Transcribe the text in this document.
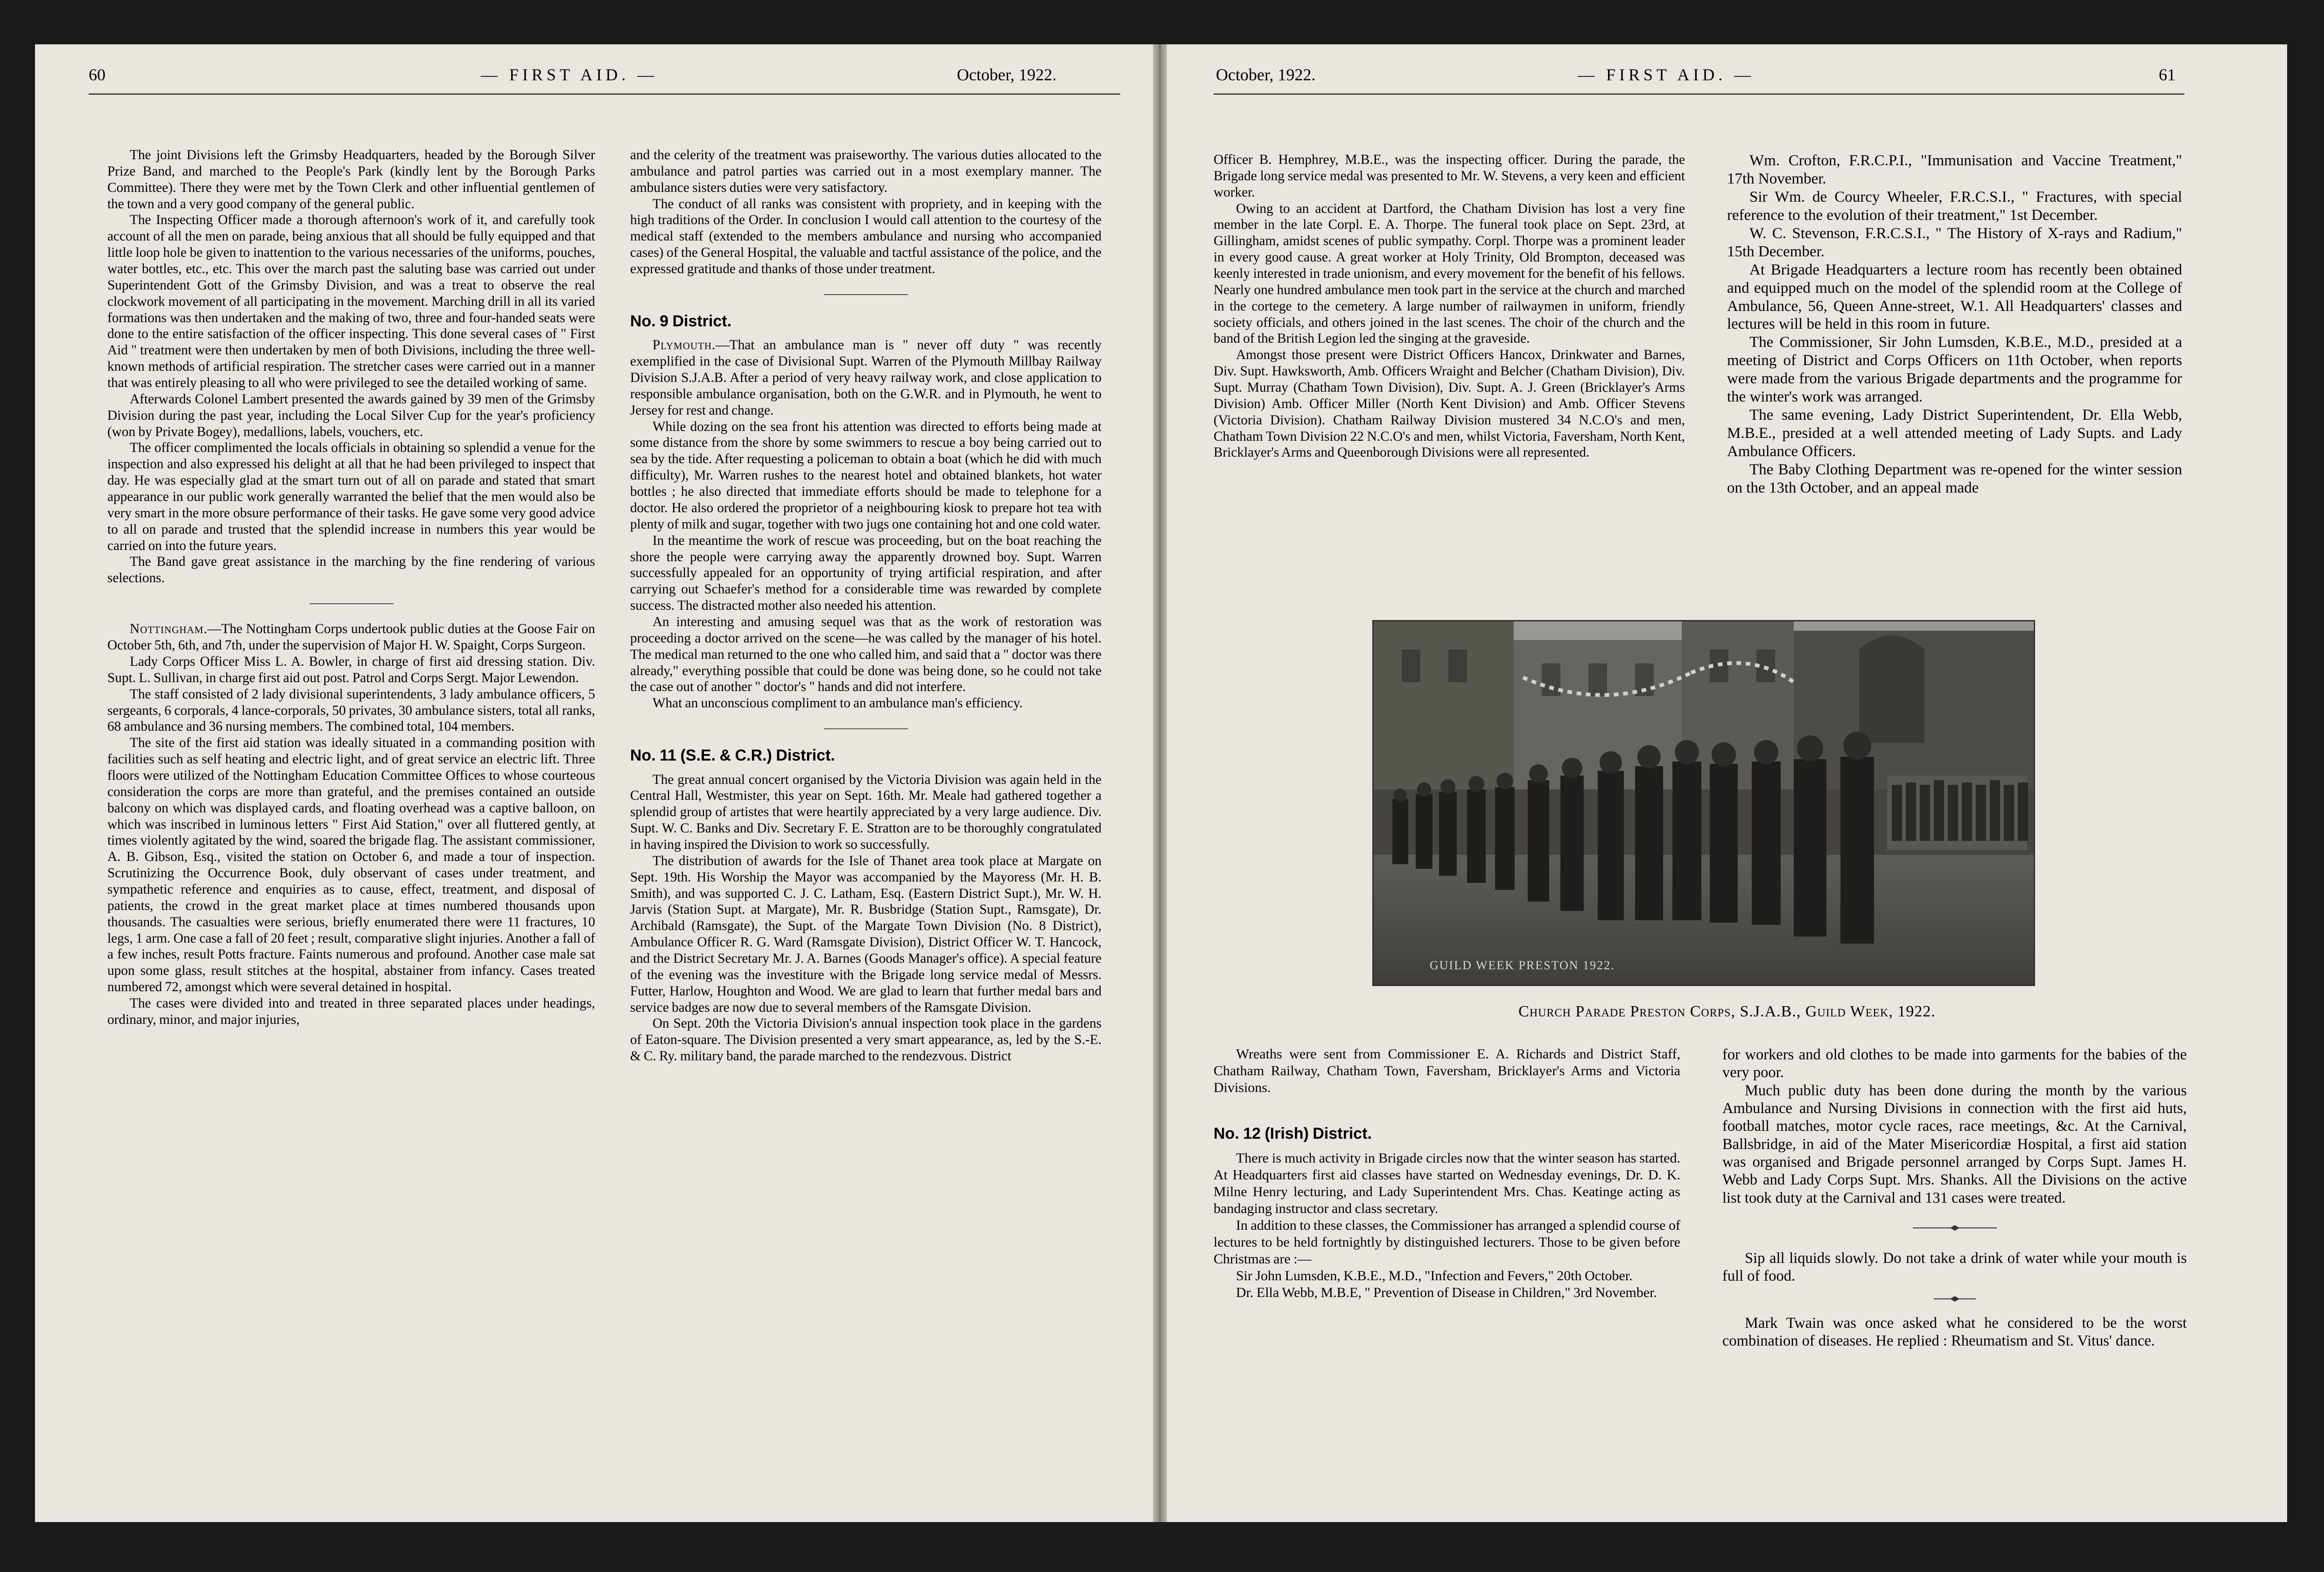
60	— FIRST AID. —	October, 1922.	October, 1922.	— FIRST AID. —	61

The joint Divisions left the Grimsby Headquarters, headed by the Borough Silver Prize Band, and marched to the People's Park (kindly lent by the Borough Parks Committee). There they were met by the Town Clerk and other influential gentlemen of the town and a very good company of the general public.

The Inspecting Officer made a thorough afternoon's work of it, and carefully took account of all the men on parade, being anxious that all should be fully equipped and that little loop hole be given to inattention to the various necessaries of the uniforms, pouches, water bottles, etc., etc. This over the march past the saluting base was carried out under Superintendent Gott of the Grimsby Division, and was a treat to observe the real clockwork movement of all participating in the movement. Marching drill in all its varied formations was then undertaken and the making of two, three and four-handed seats were done to the entire satisfaction of the officer inspecting. This done several cases of " First Aid " treatment were then undertaken by men of both Divisions, including the three well-known methods of artificial respiration. The stretcher cases were carried out in a manner that was entirely pleasing to all who were privileged to see the detailed working of same.

Afterwards Colonel Lambert presented the awards gained by 39 men of the Grimsby Division during the past year, including the Local Silver Cup for the year's proficiency (won by Private Bogey), medallions, labels, vouchers, etc.

The officer complimented the locals officials in obtaining so splendid a venue for the inspection and also expressed his delight at all that he had been privileged to inspect that day. He was especially glad at the smart turn out of all on parade and stated that smart appearance in our public work generally warranted the belief that the men would also be very smart in the more obsure performance of their tasks. He gave some very good advice to all on parade and trusted that the splendid increase in numbers this year would be carried on into the future years.

The Band gave great assistance in the marching by the fine rendering of various selections.

Nottingham.—The Nottingham Corps undertook public duties at the Goose Fair on October 5th, 6th, and 7th, under the supervision of Major H. W. Spaight, Corps Surgeon.

Lady Corps Officer Miss L. A. Bowler, in charge of first aid dressing station. Div. Supt. L. Sullivan, in charge first aid out post. Patrol and Corps Sergt. Major Lewendon.

The staff consisted of 2 lady divisional superintendents, 3 lady ambulance officers, 5 sergeants, 6 corporals, 4 lance-corporals, 50 privates, 30 ambulance sisters, total all ranks, 68 ambulance and 36 nursing members. The combined total, 104 members.

The site of the first aid station was ideally situated in a commanding position with facilities such as self heating and electric light, and of great service an electric lift. Three floors were utilized of the Nottingham Education Committee Offices to whose courteous consideration the corps are more than grateful, and the premises contained an outside balcony on which was displayed cards, and floating overhead was a captive balloon, on which was inscribed in luminous letters " First Aid Station," over all fluttered gently, at times violently agitated by the wind, soared the brigade flag. The assistant commissioner, A. B. Gibson, Esq., visited the station on October 6, and made a tour of inspection. Scrutinizing the Occurrence Book, duly observant of cases under treatment, and sympathetic reference and enquiries as to cause, effect, treatment, and disposal of patients, the crowd in the great market place at times numbered thousands upon thousands. The casualties were serious, briefly enumerated there were 11 fractures, 10 legs, 1 arm. One case a fall of 20 feet ; result, comparative slight injuries. Another a fall of a few inches, result Potts fracture. Faints numerous and profound. Another case male sat upon some glass, result stitches at the hospital, abstainer from infancy. Cases treated numbered 72, amongst which were several detained in hospital.

The cases were divided into and treated in three separated places under headings, ordinary, minor, and major injuries,

and the celerity of the treatment was praiseworthy. The various duties allocated to the ambulance and patrol parties was carried out in a most exemplary manner. The ambulance sisters duties were very satisfactory.

The conduct of all ranks was consistent with propriety, and in keeping with the high traditions of the Order. In conclusion I would call attention to the courtesy of the medical staff (extended to the members ambulance and nursing who accompanied cases) of the General Hospital, the valuable and tactful assistance of the police, and the expressed gratitude and thanks of those under treatment.

No. 9 District.

Plymouth.—That an ambulance man is " never off duty " was recently exemplified in the case of Divisional Supt. Warren of the Plymouth Millbay Railway Division S.J.A.B. After a period of very heavy railway work, and close application to responsible ambulance organisation, both on the G.W.R. and in Plymouth, he went to Jersey for rest and change.

While dozing on the sea front his attention was directed to efforts being made at some distance from the shore by some swimmers to rescue a boy being carried out to sea by the tide. After requesting a policeman to obtain a boat (which he did with much difficulty), Mr. Warren rushes to the nearest hotel and obtained blankets, hot water bottles ; he also directed that immediate efforts should be made to telephone for a doctor. He also ordered the proprietor of a neighbouring kiosk to prepare hot tea with plenty of milk and sugar, together with two jugs one containing hot and one cold water.

In the meantime the work of rescue was proceeding, but on the boat reaching the shore the people were carrying away the apparently drowned boy. Supt. Warren successfully appealed for an opportunity of trying artificial respiration, and after carrying out Schaefer's method for a considerable time was rewarded by complete success. The distracted mother also needed his attention.

An interesting and amusing sequel was that as the work of restoration was proceeding a doctor arrived on the scene—he was called by the manager of his hotel. The medical man returned to the one who called him, and said that a " doctor was there already," everything possible that could be done was being done, so he could not take the case out of another " doctor's " hands and did not interfere.

What an unconscious compliment to an ambulance man's efficiency.

No. 11 (S.E. & C.R.) District.

The great annual concert organised by the Victoria Division was again held in the Central Hall, Westmister, this year on Sept. 16th. Mr. Meale had gathered together a splendid group of artistes that were heartily appreciated by a very large audience. Div. Supt. W. C. Banks and Div. Secretary F. E. Stratton are to be thoroughly congratulated in having inspired the Division to work so successfully.

The distribution of awards for the Isle of Thanet area took place at Margate on Sept. 19th. His Worship the Mayor was accompanied by the Mayoress (Mr. H. B. Smith), and was supported C. J. C. Latham, Esq. (Eastern District Supt.), Mr. W. H. Jarvis (Station Supt. at Margate), Mr. R. Busbridge (Station Supt., Ramsgate), Dr. Archibald (Ramsgate), the Supt. of the Margate Town Division (No. 8 District), Ambulance Officer R. G. Ward (Ramsgate Division), District Officer W. T. Hancock, and the District Secretary Mr. J. A. Barnes (Goods Manager's office). A special feature of the evening was the investiture with the Brigade long service medal of Messrs. Futter, Harlow, Houghton and Wood. We are glad to learn that further medal bars and service badges are now due to several members of the Ramsgate Division.

On Sept. 20th the Victoria Division's annual inspection took place in the gardens of Eaton-square. The Division presented a very smart appearance, as, led by the S.-E. & C. Ry. military band, the parade marched to the rendezvous. District

Officer B. Hemphrey, M.B.E., was the inspecting officer. During the parade, the Brigade long service medal was presented to Mr. W. Stevens, a very keen and efficient worker.

Owing to an accident at Dartford, the Chatham Division has lost a very fine member in the late Corpl. E. A. Thorpe. The funeral took place on Sept. 23rd, at Gillingham, amidst scenes of public sympathy. Corpl. Thorpe was a prominent leader in every good cause. A great worker at Holy Trinity, Old Brompton, deceased was keenly interested in trade unionism, and every movement for the benefit of his fellows. Nearly one hundred ambulance men took part in the service at the church and marched in the cortege to the cemetery. A large number of railwaymen in uniform, friendly society officials, and others joined in the last scenes. The choir of the church and the band of the British Legion led the singing at the graveside.

Amongst those present were District Officers Hancox, Drinkwater and Barnes, Div. Supt. Hawksworth, Amb. Officers Wraight and Belcher (Chatham Division), Div. Supt. Murray (Chatham Town Division), Div. Supt. A. J. Green (Bricklayer's Arms Division) Amb. Officer Miller (North Kent Division) and Amb. Officer Stevens (Victoria Division). Chatham Railway Division mustered 34 N.C.O's and men, Chatham Town Division 22 N.C.O's and men, whilst Victoria, Faversham, North Kent, Bricklayer's Arms and Queenborough Divisions were all represented.

Wm. Crofton, F.R.C.P.I., "Immunisation and Vaccine Treatment," 17th November.

Sir Wm. de Courcy Wheeler, F.R.C.S.I., " Fractures, with special reference to the evolution of their treatment," 1st December.

W. C. Stevenson, F.R.C.S.I., " The History of X-rays and Radium," 15th December.

At Brigade Headquarters a lecture room has recently been obtained and equipped much on the model of the splendid room at the College of Ambulance, 56, Queen Anne-street, W.1. All Headquarters' classes and lectures will be held in this room in future.

The Commissioner, Sir John Lumsden, K.B.E., M.D., presided at a meeting of District and Corps Officers on 11th October, when reports were made from the various Brigade departments and the programme for the winter's work was arranged.

The same evening, Lady District Superintendent, Dr. Ella Webb, M.B.E., presided at a well attended meeting of Lady Supts. and Lady Ambulance Officers.

The Baby Clothing Department was re-opened for the winter session on the 13th October, and an appeal made

GUILD WEEK PRESTON 1922.
Church Parade Preston Corps, S.J.A.B., Guild Week, 1922.

Wreaths were sent from Commissioner E. A. Richards and District Staff, Chatham Railway, Chatham Town, Faversham, Bricklayer's Arms and Victoria Divisions.

No. 12 (Irish) District.

There is much activity in Brigade circles now that the winter season has started. At Headquarters first aid classes have started on Wednesday evenings, Dr. D. K. Milne Henry lecturing, and Lady Superintendent Mrs. Chas. Keatinge acting as bandaging instructor and class secretary.

In addition to these classes, the Commissioner has arranged a splendid course of lectures to be held fortnightly by distinguished lecturers. Those to be given before Christmas are :—

Sir John Lumsden, K.B.E., M.D., "Infection and Fevers," 20th October.

Dr. Ella Webb, M.B.E, " Prevention of Disease in Children," 3rd November.

for workers and old clothes to be made into garments for the babies of the very poor.

Much public duty has been done during the month by the various Ambulance and Nursing Divisions in connection with the first aid huts, football matches, motor cycle races, race meetings, &c. At the Carnival, Ballsbridge, in aid of the Mater Misericordiæ Hospital, a first aid station was organised and Brigade personnel arranged by Corps Supt. James H. Webb and Lady Corps Supt. Mrs. Shanks. All the Divisions on the active list took duty at the Carnival and 131 cases were treated.

Sip all liquids slowly. Do not take a drink of water while your mouth is full of food.

Mark Twain was once asked what he considered to be the worst combination of diseases. He replied : Rheumatism and St. Vitus' dance.
